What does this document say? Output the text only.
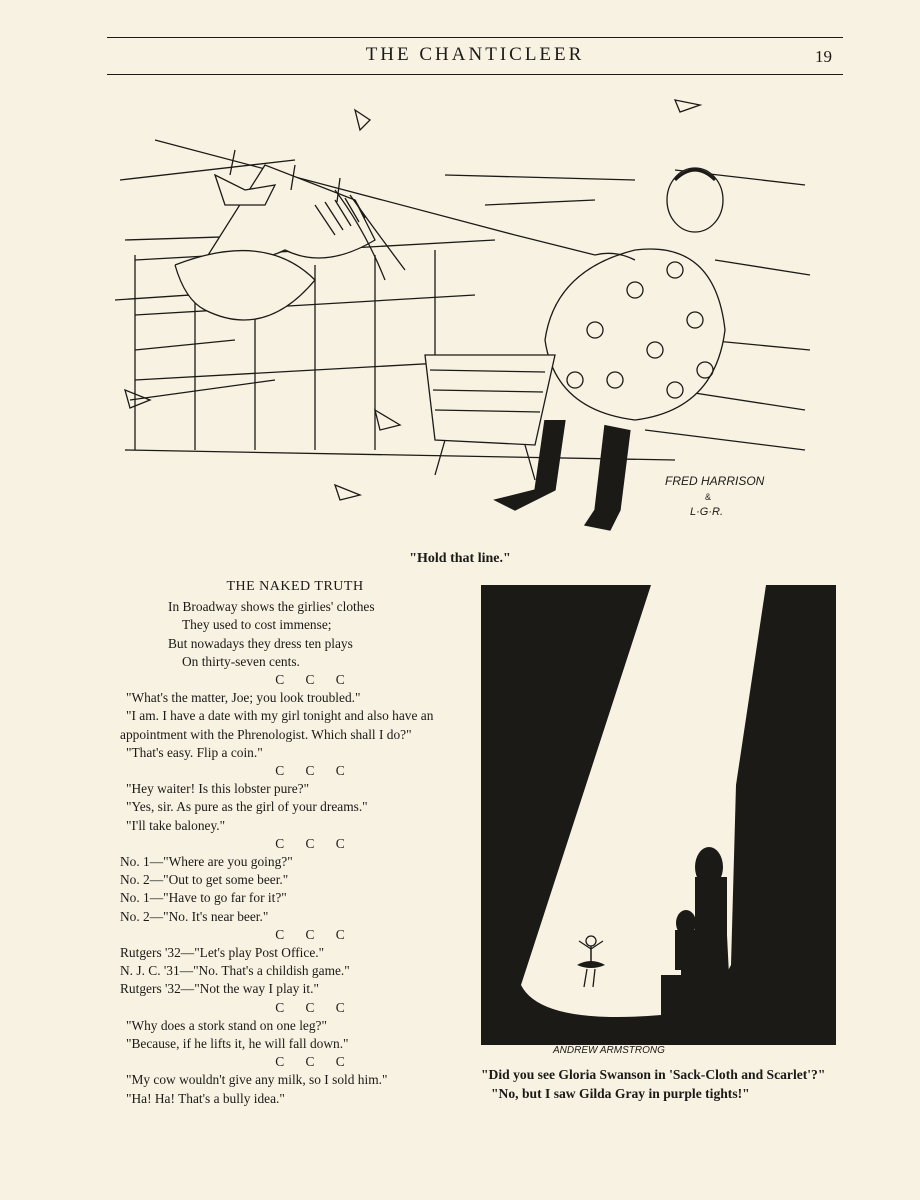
THE CHANTICLEER	19
FRED HARRISON
&
L·G·R.
"Hold that line."
THE NAKED TRUTH
In Broadway shows the girlies' clothes
They used to cost immense;
But nowadays they dress ten plays
On thirty-seven cents.
C C C
"What's the matter, Joe; you look troubled."
"I am. I have a date with my girl tonight and also have an appointment with the Phrenologist. Which shall I do?"
"That's easy. Flip a coin."
C C C
"Hey waiter! Is this lobster pure?"
"Yes, sir. As pure as the girl of your dreams."
"I'll take baloney."
C C C
No. 1—"Where are you going?"
No. 2—"Out to get some beer."
No. 1—"Have to go far for it?"
No. 2—"No. It's near beer."
C C C
Rutgers '32—"Let's play Post Office."
N. J. C. '31—"No. That's a childish game."
Rutgers '32—"Not the way I play it."
C C C
"Why does a stork stand on one leg?"
"Because, if he lifts it, he will fall down."
C C C
"My cow wouldn't give any milk, so I sold him."
"Ha! Ha! That's a bully idea."
ANDREW ARMSTRONG
"Did you see Gloria Swanson in 'Sack-Cloth and Scarlet'?"
"No, but I saw Gilda Gray in purple tights!"
